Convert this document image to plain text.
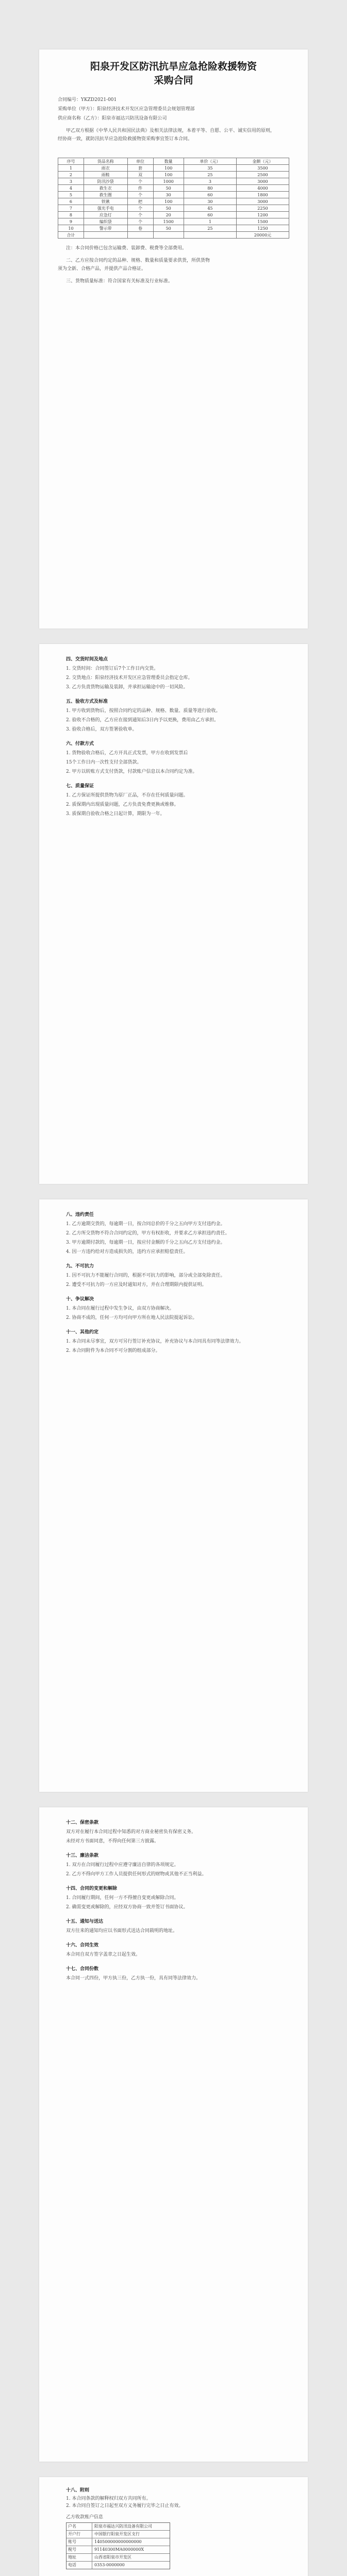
阳泉开发区防汛抗旱应急抢险救援物资
采购合同
合同编号：YKZD2021-001
采购单位（甲方）：阳泉经济技术开发区应急管理委员会规划管理部
供应商名称（乙方）：阳泉市福达兴防汛设备有限公司
甲乙双方根据《中华人民共和国民法典》及相关法律法规，本着平等、自愿、公平、诚实信用的原则，
经协商一致，就防汛抗旱应急抢险救援物资采购事宜签订本合同。
序号	货品名称	单位	数量	单价（元）	金额（元）
1	雨衣	套	100	35	3500
2	雨鞋	双	100	25	2500
3	防汛沙袋	个	1000	3	3000
4	救生衣	件	50	80	4000
5	救生圈	个	30	60	1800
6	铁锹	把	100	30	3000
7	强光手电	个	50	45	2250
8	应急灯	个	20	60	1200
9	编织袋	个	1500	1	1500
10	警示带	卷	50	25	1250
合计					20000元
注：本合同价格已包含运输费、装卸费、税费等全部费用。
二、乙方应按合同约定的品种、规格、数量和质量要求供货，所供货物
须为全新、合格产品，并提供产品合格证。
三、货物质量标准：符合国家有关标准及行业标准。
四、交货时间及地点
1. 交货时间：合同签订后7个工作日内交货。
2. 交货地点：阳泉经济技术开发区应急管理委员会指定仓库。
3. 乙方负责货物运输及装卸，并承担运输途中的一切风险。
五、验收方式及标准
1. 甲方收到货物后，按照合同约定的品种、规格、数量、质量等进行验收。
2. 验收不合格的，乙方应在接到通知后3日内予以更换，费用由乙方承担。
3. 验收合格后，双方签署验收单。
六、付款方式
1. 货物验收合格后，乙方开具正式发票，甲方在收到发票后
15个工作日内一次性支付全部货款。
2. 甲方以转账方式支付货款，付款账户信息以本合同约定为准。
七、质量保证
1. 乙方保证所提供货物为原厂正品，不存在任何质量问题。
2. 质保期内出现质量问题，乙方负责免费更换或维修。
3. 质保期自验收合格之日起计算，期限为一年。
八、违约责任
1. 乙方逾期交货的，每逾期一日，按合同总价的千分之五向甲方支付违约金。
2. 乙方所交货物不符合合同约定的，甲方有权拒收，并要求乙方承担违约责任。
3. 甲方逾期付款的，每逾期一日，按应付金额的千分之五向乙方支付违约金。
4. 因一方违约给对方造成损失的，违约方应承担赔偿责任。
九、不可抗力
1. 因不可抗力不能履行合同的，根据不可抗力的影响，部分或全部免除责任。
2. 遭受不可抗力的一方应及时通知对方，并在合理期限内提供证明。
十、争议解决
1. 本合同在履行过程中发生争议，由双方协商解决。
2. 协商不成的，任何一方均可向甲方所在地人民法院提起诉讼。
十一、其他约定
1. 本合同未尽事宜，双方可另行签订补充协议，补充协议与本合同具有同等法律效力。
2. 本合同附件为本合同不可分割的组成部分。
十二、保密条款
双方对在履行本合同过程中知悉的对方商业秘密负有保密义务。
未经对方书面同意，不得向任何第三方披露。
十三、廉洁条款
1. 双方在合同履行过程中应遵守廉洁自律的各项规定。
2. 乙方不得向甲方工作人员提供任何形式的财物或其他不正当利益。
十四、合同的变更和解除
1. 合同履行期间，任何一方不得擅自变更或解除合同。
2. 确需变更或解除的，应经双方协商一致并签订书面协议。
十五、通知与送达
双方往来的通知均应以书面形式送达合同载明的地址。
十六、合同生效
本合同自双方签字盖章之日起生效。
十七、合同份数
本合同一式四份，甲方执三份，乙方执一份，具有同等法律效力。
十八、附则
1. 本合同条款的解释权归双方共同所有。
2. 本合同自签订之日起至双方义务履行完毕之日止有效。
乙方收款账户信息
户名	阳泉市福达兴防汛设备有限公司
开户行	中国银行阳泉开发区支行
账号	140500000000000000
税号	91140300MA0000000X
地址	山西省阳泉市开发区
电话	0353-0000000
